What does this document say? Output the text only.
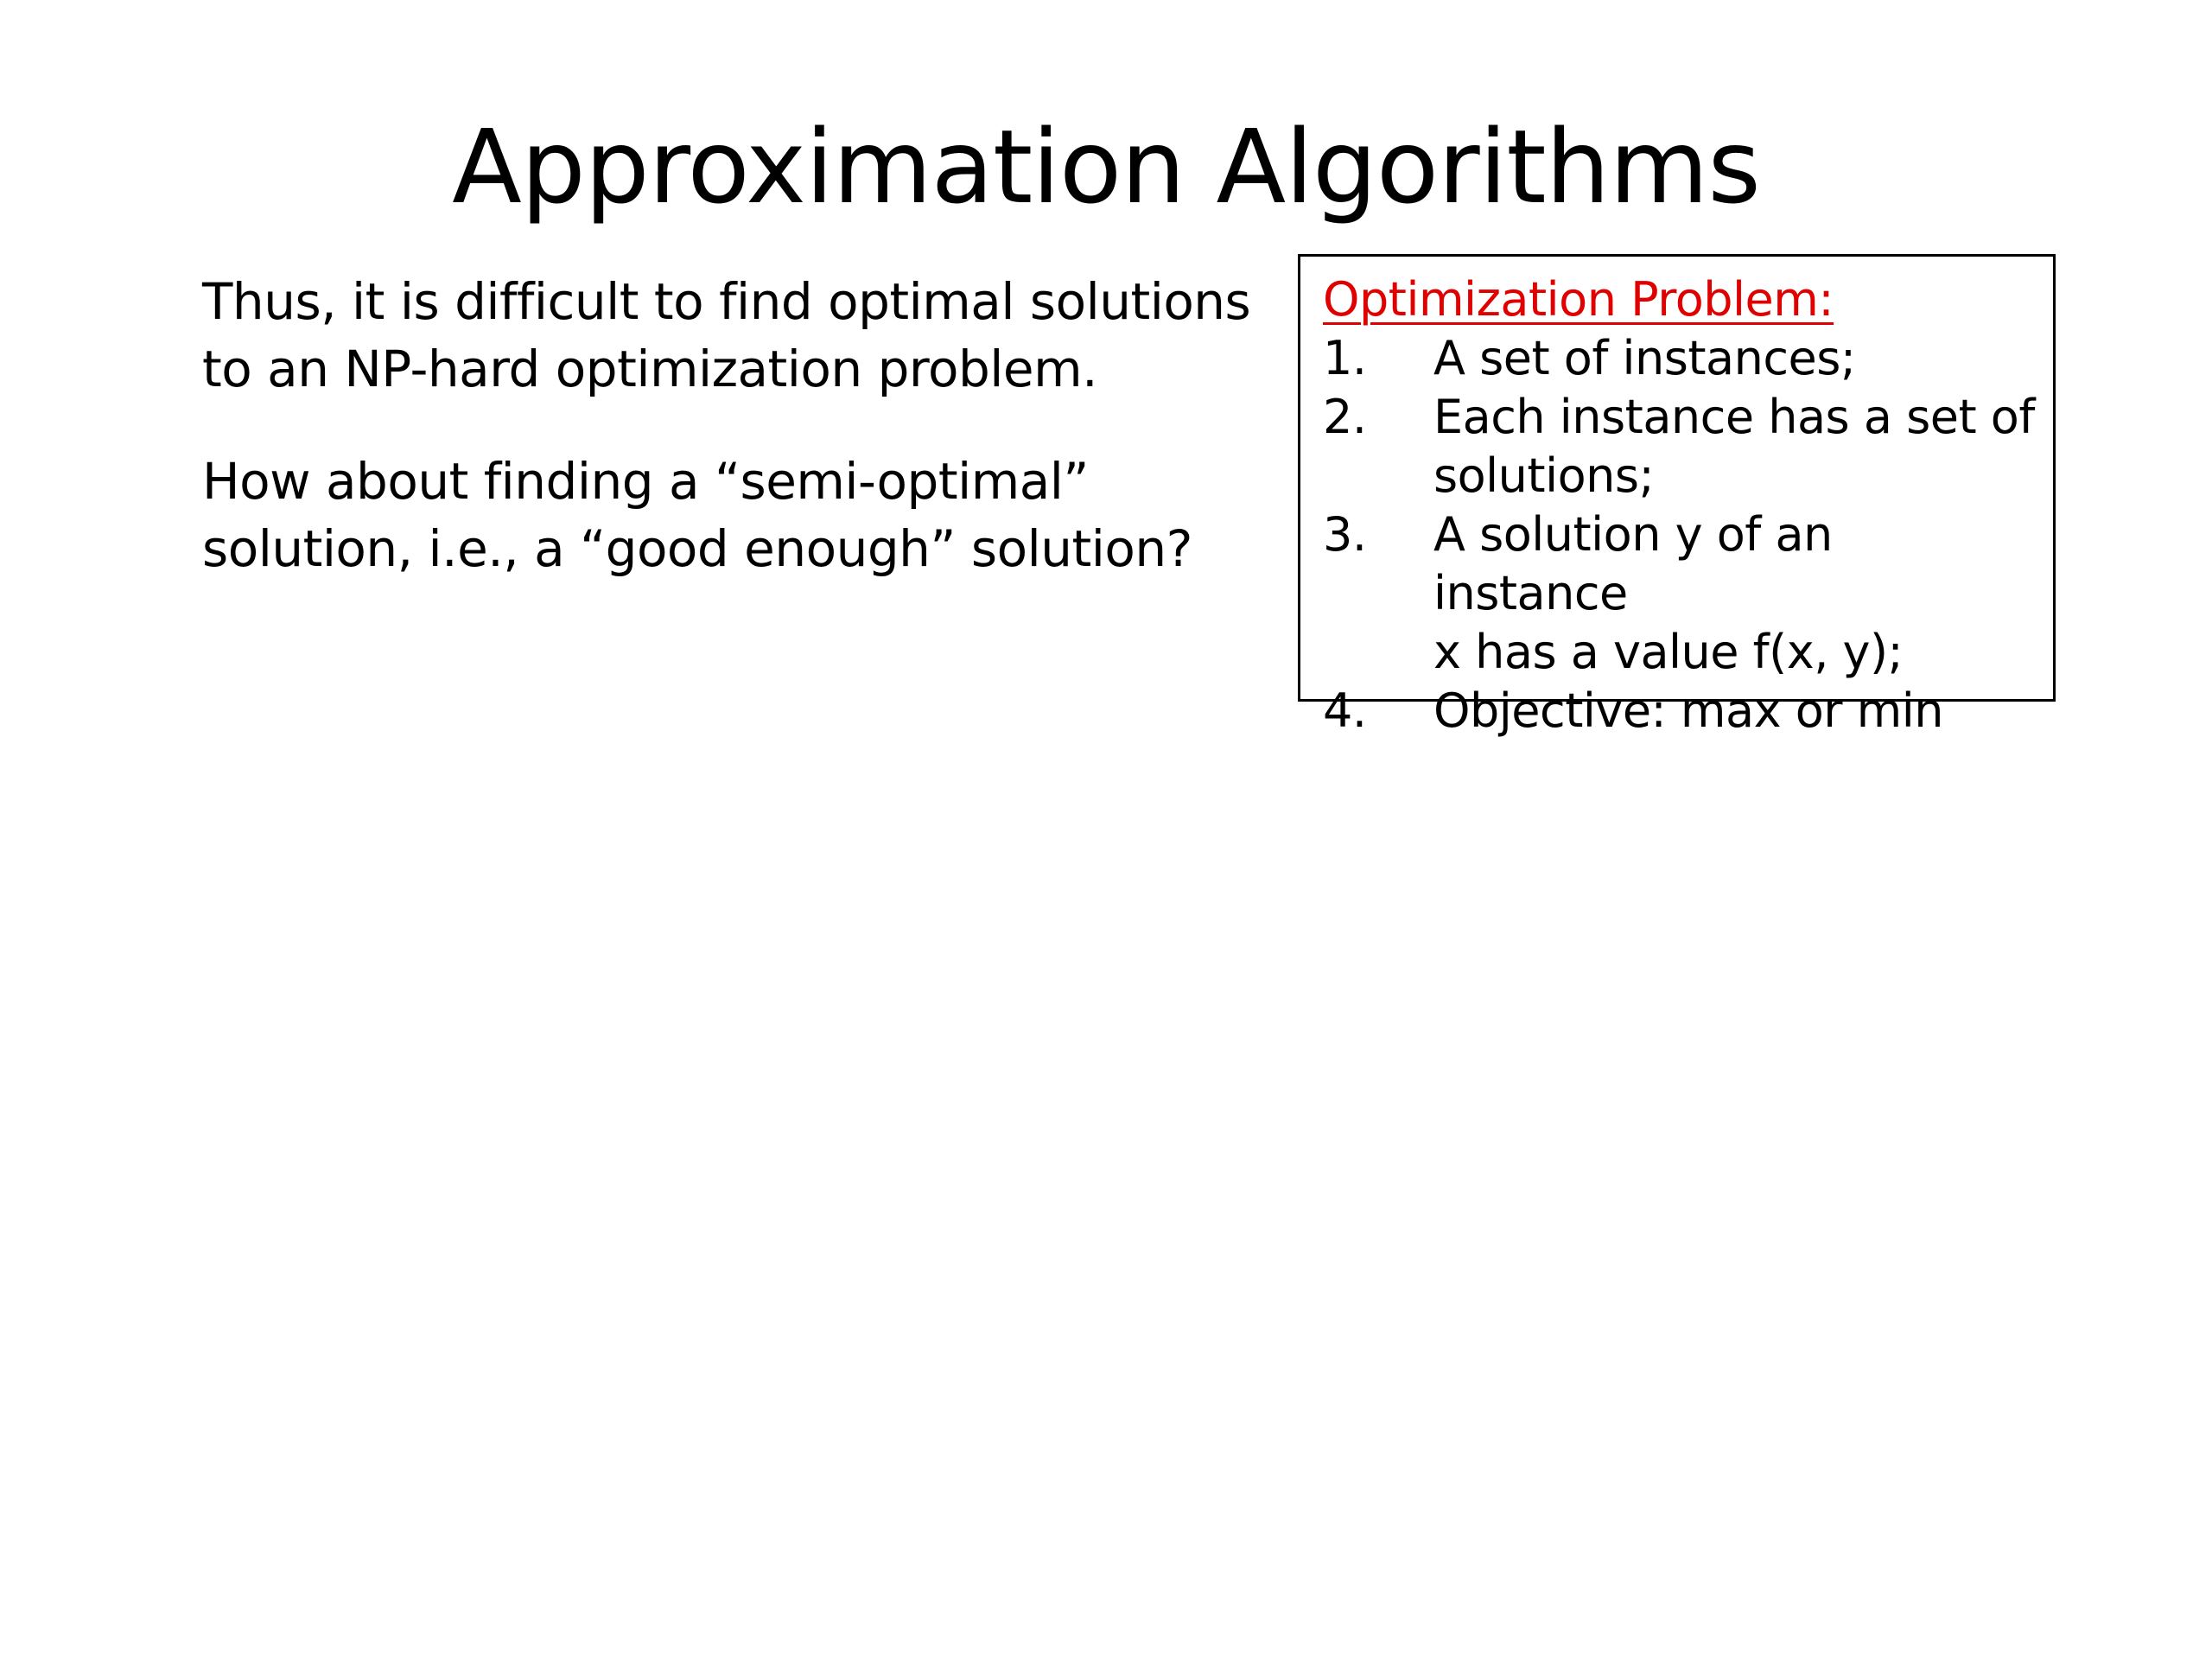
Approximation Algorithms

Thus, it is difficult to find optimal solutions
to an NP-hard optimization problem.

How about finding a “semi-optimal”
solution, i.e., a “good enough” solution?

Optimization Problem:
1.	A set of instances;
2.	Each instance has a set of
solutions;
3.	A solution y of an instance
x has a value f(x, y);
4.	Objective: max or min
